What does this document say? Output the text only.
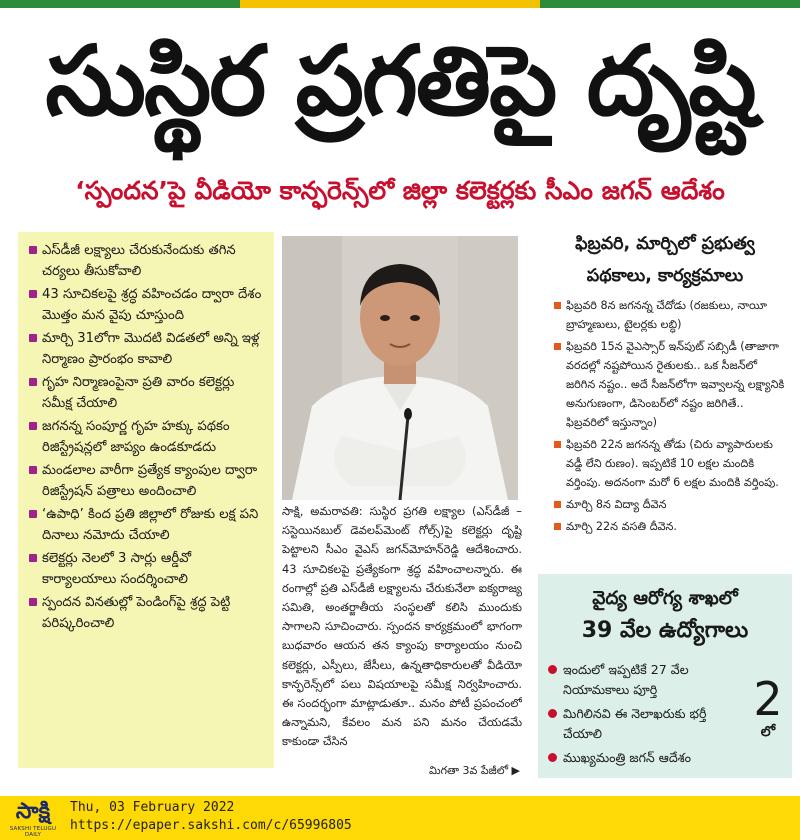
సుస్థిర ప్రగతిపై దృష్టి
‘స్పందన’పై వీడియో కాన్ఫరెన్స్‌లో జిల్లా కలెక్టర్లకు సీఎం జగన్ ఆదేశం
ఎస్‌డీజీ లక్ష్యాలు చేరుకునేందుకు తగిన చర్యలు తీసుకోవాలి
43 సూచికలపై శ్రద్ధ వహించడం ద్వారా దేశం మొత్తం మన వైపు చూస్తుంది
మార్చి 31లోగా మొదటి విడతలో అన్ని ఇళ్ల నిర్మాణం ప్రారంభం కావాలి
గృహ నిర్మాణంపైనా ప్రతి వారం కలెక్టర్లు సమీక్ష చేయాలి
జగనన్న సంపూర్ణ గృహ హక్కు పథకం రిజిస్ట్రేషన్లలో జాప్యం ఉండకూడదు
మండలాల వారీగా ప్రత్యేక క్యాంపుల ద్వారా రిజిస్ట్రేషన్ పత్రాలు అందించాలి
‘ఉపాధి’ కింద ప్రతి జిల్లాలో రోజుకు లక్ష పని దినాలు నమోదు చేయాలి
కలెక్టర్లు నెలలో 3 సార్లు ఆర్డీవో కార్యాలయాలు సందర్శించాలి
స్పందన వినతుల్లో పెండింగ్‌పై శ్రద్ధ పెట్టి పరిష్కరించాలి
సాక్షి, అమరావతి: సుస్థిర ప్రగతి లక్ష్యాల (ఎస్‌డీజీ –సస్టెయినబుల్ డెవలప్‌మెంట్ గోల్స్)పై కలెక్టర్లు దృష్టి పెట్టాలని సీఎం వైఎస్ జగన్‌మోహన్‌రెడ్డి ఆదేశించారు. 43 సూచికలపై ప్రత్యేకంగా శ్రద్ధ వహించాలన్నారు. ఈ రంగాల్లో ప్రతి ఎస్‌డీజీ లక్ష్యాలను చేరుకునేలా ఐక్యరాజ్య సమితి, అంతర్జాతీయ సంస్థలతో కలిసి ముందుకు సాగాలని సూచించారు. స్పందన కార్యక్రమంలో భాగంగా బుధవారం ఆయన తన క్యాంపు కార్యాలయం నుంచి కలెక్టర్లు, ఎస్పీలు, జేసీలు, ఉన్నతాధికారులతో వీడియో కాన్ఫరెన్స్‌లో పలు విషయాలపై సమీక్ష నిర్వహించారు. ఈ సందర్భంగా మాట్లాడుతూ.. మనం పోటీ ప్రపంచంలో ఉన్నామని, కేవలం మన పని మనం చేయడమే కాకుండా చేసిన
మిగతా 3వ పేజీలో ▶
ఫిబ్రవరి, మార్చిలో ప్రభుత్వ
పథకాలు, కార్యక్రమాలు
ఫిబ్రవరి 8న జగనన్న చేదోడు (రజకులు, నాయీ బ్రాహ్మణులు, టైలర్లకు లబ్ధి)
ఫిబ్రవరి 15న వైఎస్సార్ ఇన్‌పుట్ సబ్సిడీ (తాజాగా వరదల్లో నష్టపోయిన రైతులకు.. ఒక సీజన్‌లో జరిగిన నష్టం.. అదే సీజన్‌లోగా ఇవ్వాలన్న లక్ష్యానికి అనుగుణంగా, డిసెంబర్‌లో నష్టం జరిగితే.. ఫిబ్రవరిలో ఇస్తున్నాం)
ఫిబ్రవరి 22న జగనన్న తోడు (చిరు వ్యాపారులకు వడ్డీ లేని రుణం). ఇప్పటికే 10 లక్షల మందికి వర్తింపు. అదనంగా మరో 6 లక్షల మందికి వర్తింపు.
మార్చి 8న విద్యా దీవెన
మార్చి 22న వసతి దీవెన.
వైద్య ఆరోగ్య శాఖలో
39 వేల ఉద్యోగాలు
ఇందులో ఇప్పటికే 27 వేల నియామకాలు పూర్తి
మిగిలినవి ఈ నెలాఖరుకు భర్తీ చేయాలి
ముఖ్యమంత్రి జగన్ ఆదేశం
2
లో
సాక్షి
SAKSHI TELUGU DAILY
Thu, 03 February 2022
https://epaper.sakshi.com/c/65996805
